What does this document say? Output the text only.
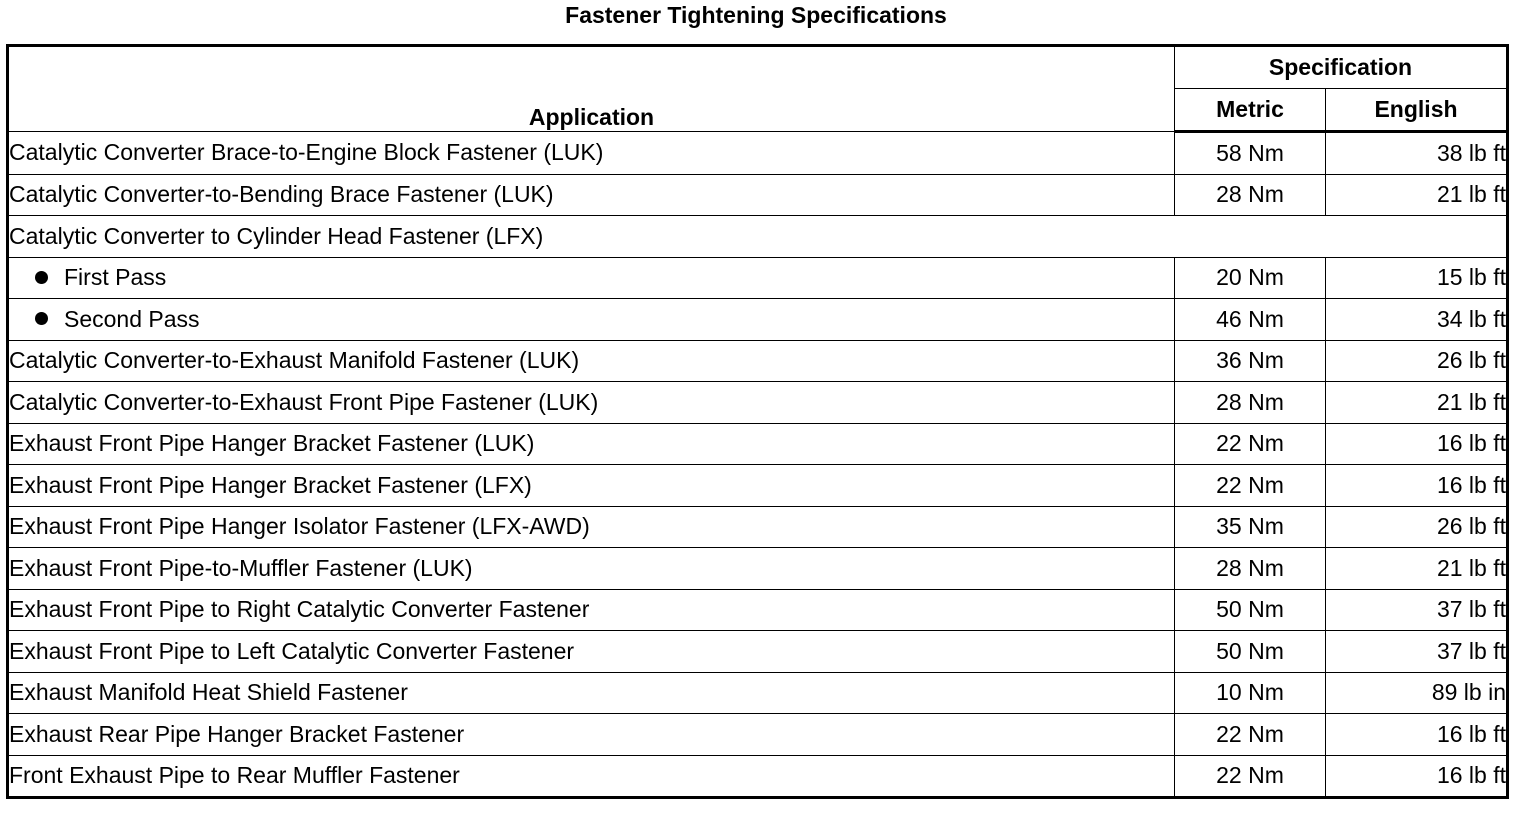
Fastener Tightening Specifications
Application	Specification	
	Metric	English
Catalytic Converter Brace-to-Engine Block Fastener (LUK)	58 Nm	38 lb ft
Catalytic Converter-to-Bending Brace Fastener (LUK)	28 Nm	21 lb ft
Catalytic Converter to Cylinder Head Fastener (LFX)		
First Pass	20 Nm	15 lb ft
Second Pass	46 Nm	34 lb ft
Catalytic Converter-to-Exhaust Manifold Fastener (LUK)	36 Nm	26 lb ft
Catalytic Converter-to-Exhaust Front Pipe Fastener (LUK)	28 Nm	21 lb ft
Exhaust Front Pipe Hanger Bracket Fastener (LUK)	22 Nm	16 lb ft
Exhaust Front Pipe Hanger Bracket Fastener (LFX)	22 Nm	16 lb ft
Exhaust Front Pipe Hanger Isolator Fastener (LFX-AWD)	35 Nm	26 lb ft
Exhaust Front Pipe-to-Muffler Fastener (LUK)	28 Nm	21 lb ft
Exhaust Front Pipe to Right Catalytic Converter Fastener	50 Nm	37 lb ft
Exhaust Front Pipe to Left Catalytic Converter Fastener	50 Nm	37 lb ft
Exhaust Manifold Heat Shield Fastener	10 Nm	89 lb in
Exhaust Rear Pipe Hanger Bracket Fastener	22 Nm	16 lb ft
Front Exhaust Pipe to Rear Muffler Fastener	22 Nm	16 lb ft
